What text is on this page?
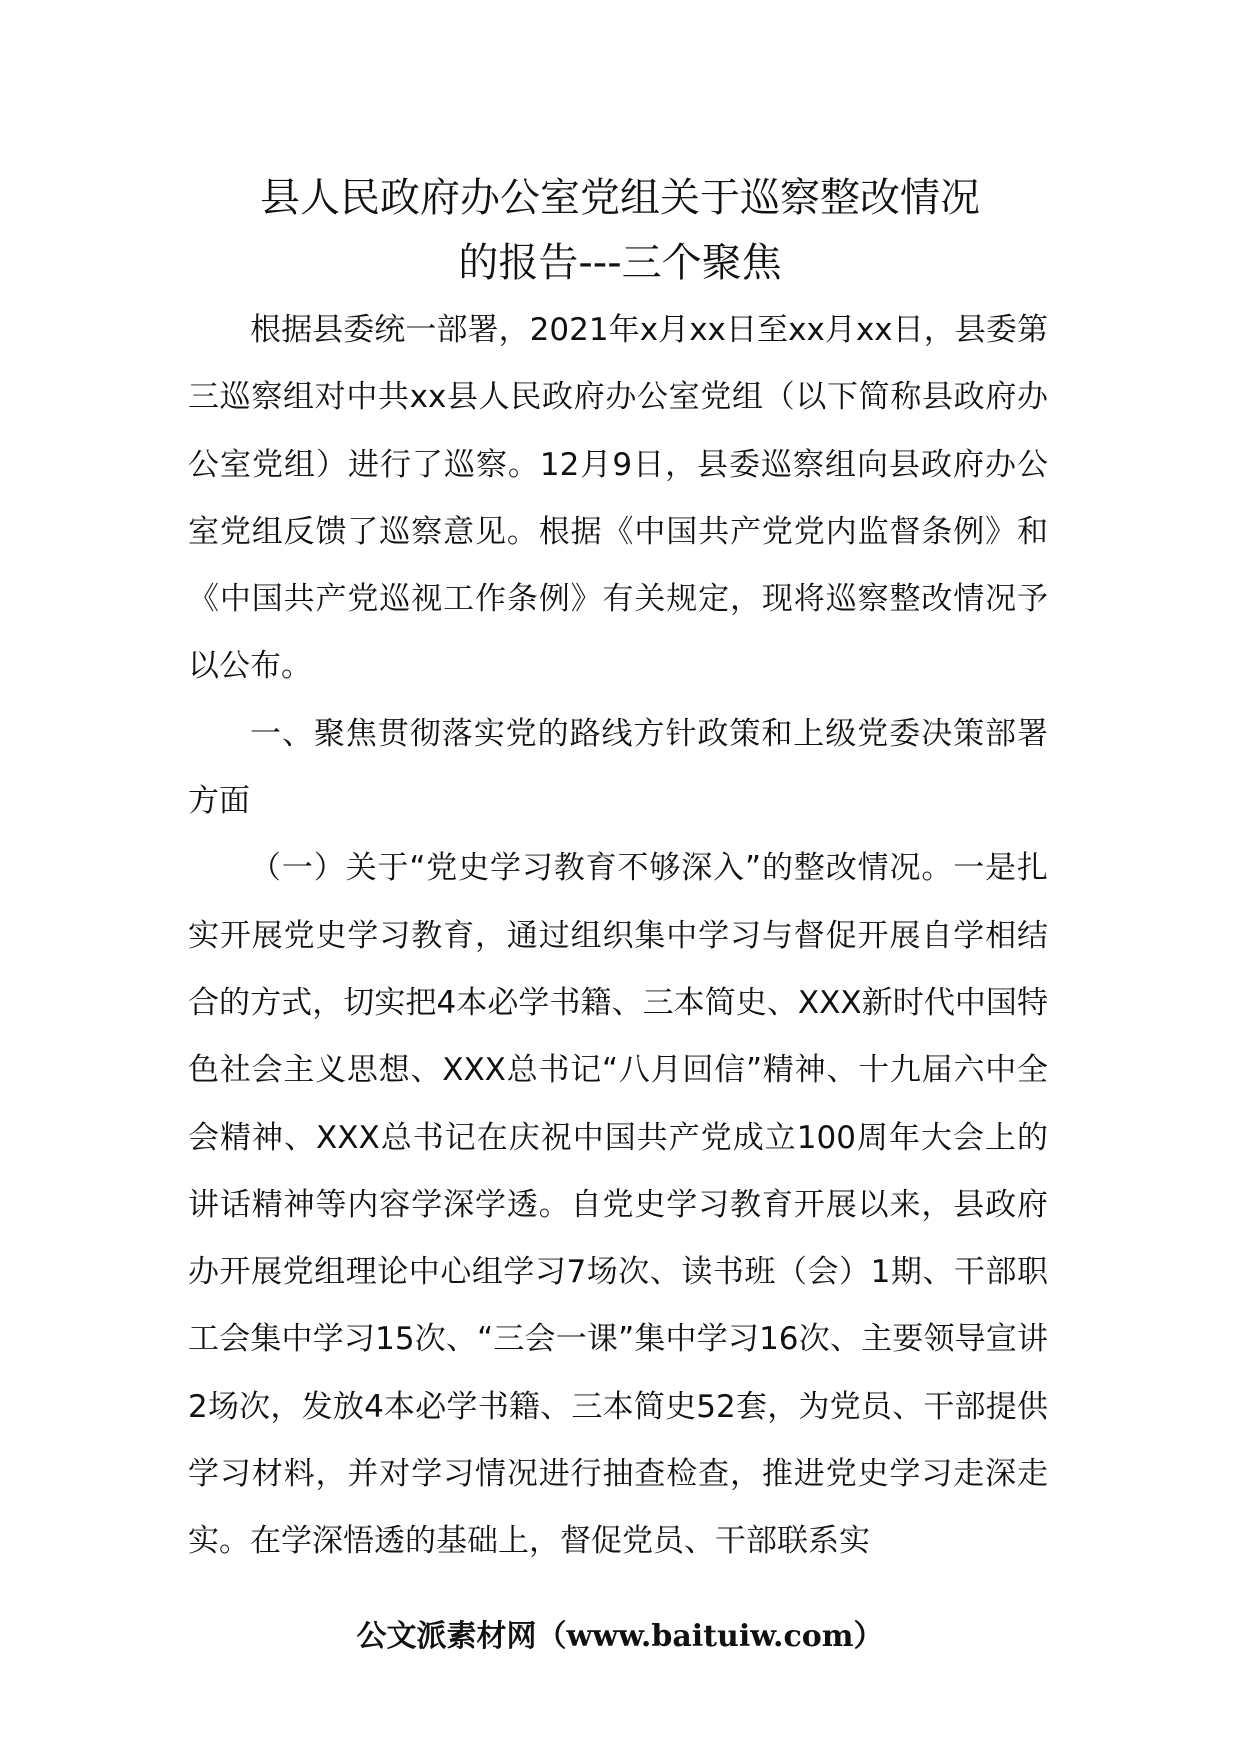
县人民政府办公室党组关于巡察整改情况
的报告---三个聚焦

根据县委统一部署，2021年x月xx日至xx月xx日，县委第三巡察组对中共xx县人民政府办公室党组（以下简称县政府办公室党组）进行了巡察。12月9日，县委巡察组向县政府办公室党组反馈了巡察意见。根据《中国共产党党内监督条例》和《中国共产党巡视工作条例》有关规定，现将巡察整改情况予以公布。

一、聚焦贯彻落实党的路线方针政策和上级党委决策部署方面

（一）关于“党史学习教育不够深入”的整改情况。一是扎实开展党史学习教育，通过组织集中学习与督促开展自学相结合的方式，切实把4本必学书籍、三本简史、XXX新时代中国特色社会主义思想、XXX总书记“八月回信”精神、十九届六中全会精神、XXX总书记在庆祝中国共产党成立100周年大会上的讲话精神等内容学深学透。自党史学习教育开展以来，县政府办开展党组理论中心组学习7场次、读书班（会）1期、干部职工会集中学习15次、“三会一课”集中学习16次、主要领导宣讲2场次，发放4本必学书籍、三本简史52套，为党员、干部提供学习材料，并对学习情况进行抽查检查，推进党史学习走深走实。在学深悟透的基础上，督促党员、干部联系实

公文派素材网（www.baituiw.com）
